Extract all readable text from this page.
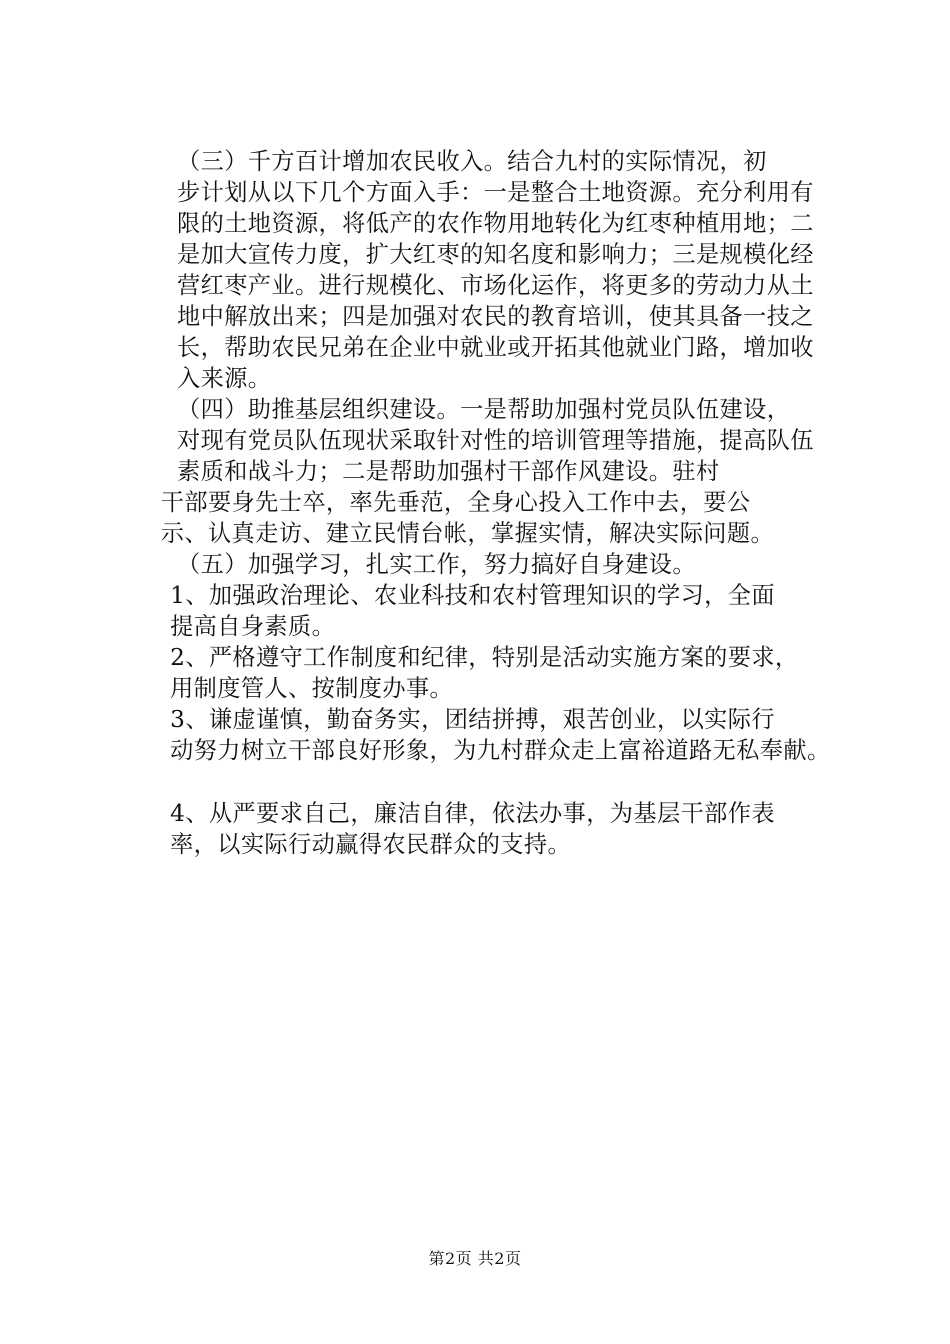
（三）千方百计增加农民收入。结合九村的实际情况，初
步计划从以下几个方面入手：一是整合土地资源。充分利用有
限的土地资源，将低产的农作物用地转化为红枣种植用地；二
是加大宣传力度，扩大红枣的知名度和影响力；三是规模化经
营红枣产业。进行规模化、市场化运作，将更多的劳动力从土
地中解放出来；四是加强对农民的教育培训，使其具备一技之
长，帮助农民兄弟在企业中就业或开拓其他就业门路，增加收
入来源。

（四）助推基层组织建设。一是帮助加强村党员队伍建设，
对现有党员队伍现状采取针对性的培训管理等措施，提高队伍
素质和战斗力；二是帮助加强村干部作风建设。驻村

干部要身先士卒，率先垂范，全身心投入工作中去，要公
示、认真走访、建立民情台帐，掌握实情，解决实际问题。

（五）加强学习，扎实工作，努力搞好自身建设。

1、加强政治理论、农业科技和农村管理知识的学习，全面
提高自身素质。

2、严格遵守工作制度和纪律，特别是活动实施方案的要求，
用制度管人、按制度办事。

3、谦虚谨慎，勤奋务实，团结拼搏，艰苦创业，以实际行
动努力树立干部良好形象，为九村群众走上富裕道路无私奉献。

4、从严要求自己，廉洁自律，依法办事，为基层干部作表
率，以实际行动赢得农民群众的支持。

第2页 共2页
